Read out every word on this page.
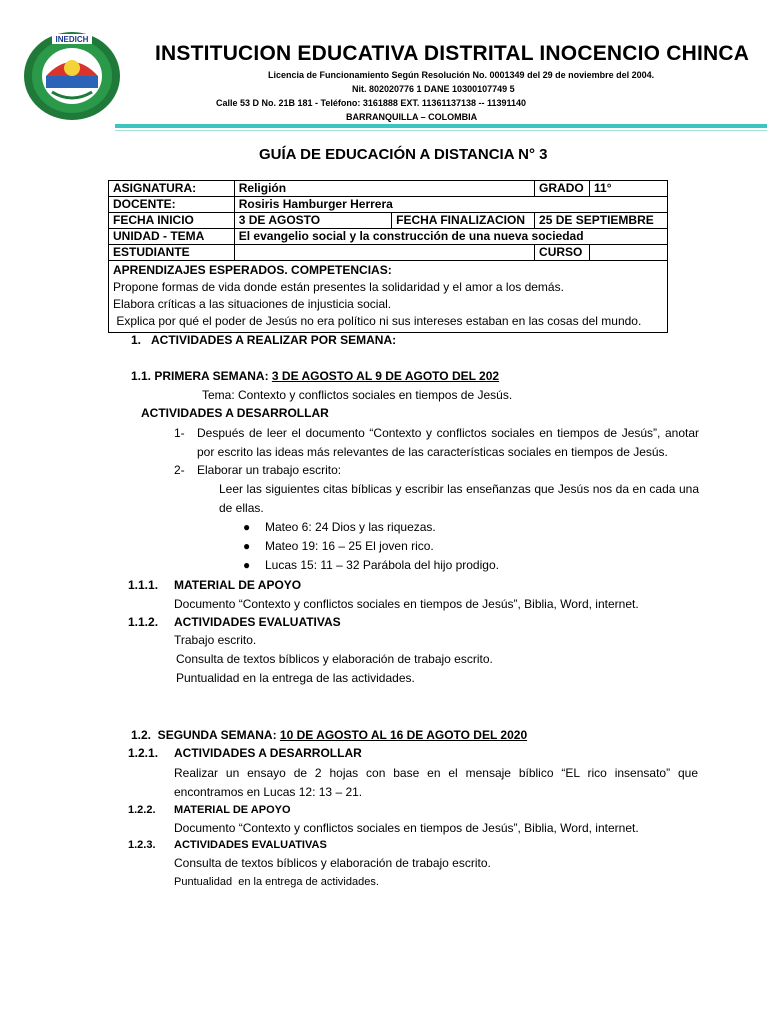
INEDICH
INSTITUCION EDUCATIVA DISTRITAL INOCENCIO CHINCA
Licencia de Funcionamiento Según Resolución No. 0001349 del 29 de noviembre del 2004.
Nit. 802020776 1 DANE 10300107749 5
Calle 53 D No. 21B 181 - Teléfono: 3161888 EXT. 11361137138 -- 11391140
BARRANQUILLA – COLOMBIA
GUÍA DE EDUCACIÓN A DISTANCIA N° 3
ASIGNATURA:	Religión		GRADO	11°
DOCENTE:	Rosiris Hamburger Herrera			
FECHA INICIO	3 DE AGOSTO	FECHA FINALIZACION	25 DE SEPTIEMBRE	
UNIDAD - TEMA	El evangelio social y la construcción de una nueva sociedad			
ESTUDIANTE			CURSO	

APRENDIZAJES ESPERADOS. COMPETENCIAS:
Propone formas de vida donde están presentes la solidaridad y el amor a los demás.
Elabora críticas a las situaciones de injusticia social.
Explica por qué el poder de Jesús no era político ni sus intereses estaban en las cosas del mundo.				
1. ACTIVIDADES A REALIZAR POR SEMANA:
1.1. PRIMERA SEMANA: 3 DE AGOSTO AL 9 DE AGOTO DEL 202
Tema: Contexto y conflictos sociales en tiempos de Jesús.
ACTIVIDADES A DESARROLLAR
1- Después de leer el documento “Contexto y conflictos sociales en tiempos de Jesús”, anotar por escrito las ideas más relevantes de las características sociales en tiempos de Jesús.
2- Elaborar un trabajo escrito:
Leer las siguientes citas bíblicas y escribir las enseñanzas que Jesús nos da en cada una de ellas.
● Mateo 6: 24 Dios y las riquezas.
● Mateo 19: 16 – 25 El joven rico.
● Lucas 15: 11 – 32 Parábola del hijo prodigo.
1.1.1. MATERIAL DE APOYO
Documento “Contexto y conflictos sociales en tiempos de Jesús”, Biblia, Word, internet.
1.1.2. ACTIVIDADES EVALUATIVAS
Trabajo escrito.
Consulta de textos bíblicos y elaboración de trabajo escrito.
Puntualidad en la entrega de las actividades.
1.2.  SEGUNDA SEMANA: 10 DE AGOSTO AL 16 DE AGOTO DEL 2020
1.2.1. ACTIVIDADES A DESARROLLAR
Realizar un ensayo de 2 hojas con base en el mensaje bíblico “EL rico insensato” que encontramos en Lucas 12: 13 – 21.
1.2.2. MATERIAL DE APOYO
Documento “Contexto y conflictos sociales en tiempos de Jesús”, Biblia, Word, internet.
1.2.3. ACTIVIDADES EVALUATIVAS
Consulta de textos bíblicos y elaboración de trabajo escrito.
Puntualidad  en la entrega de actividades.
